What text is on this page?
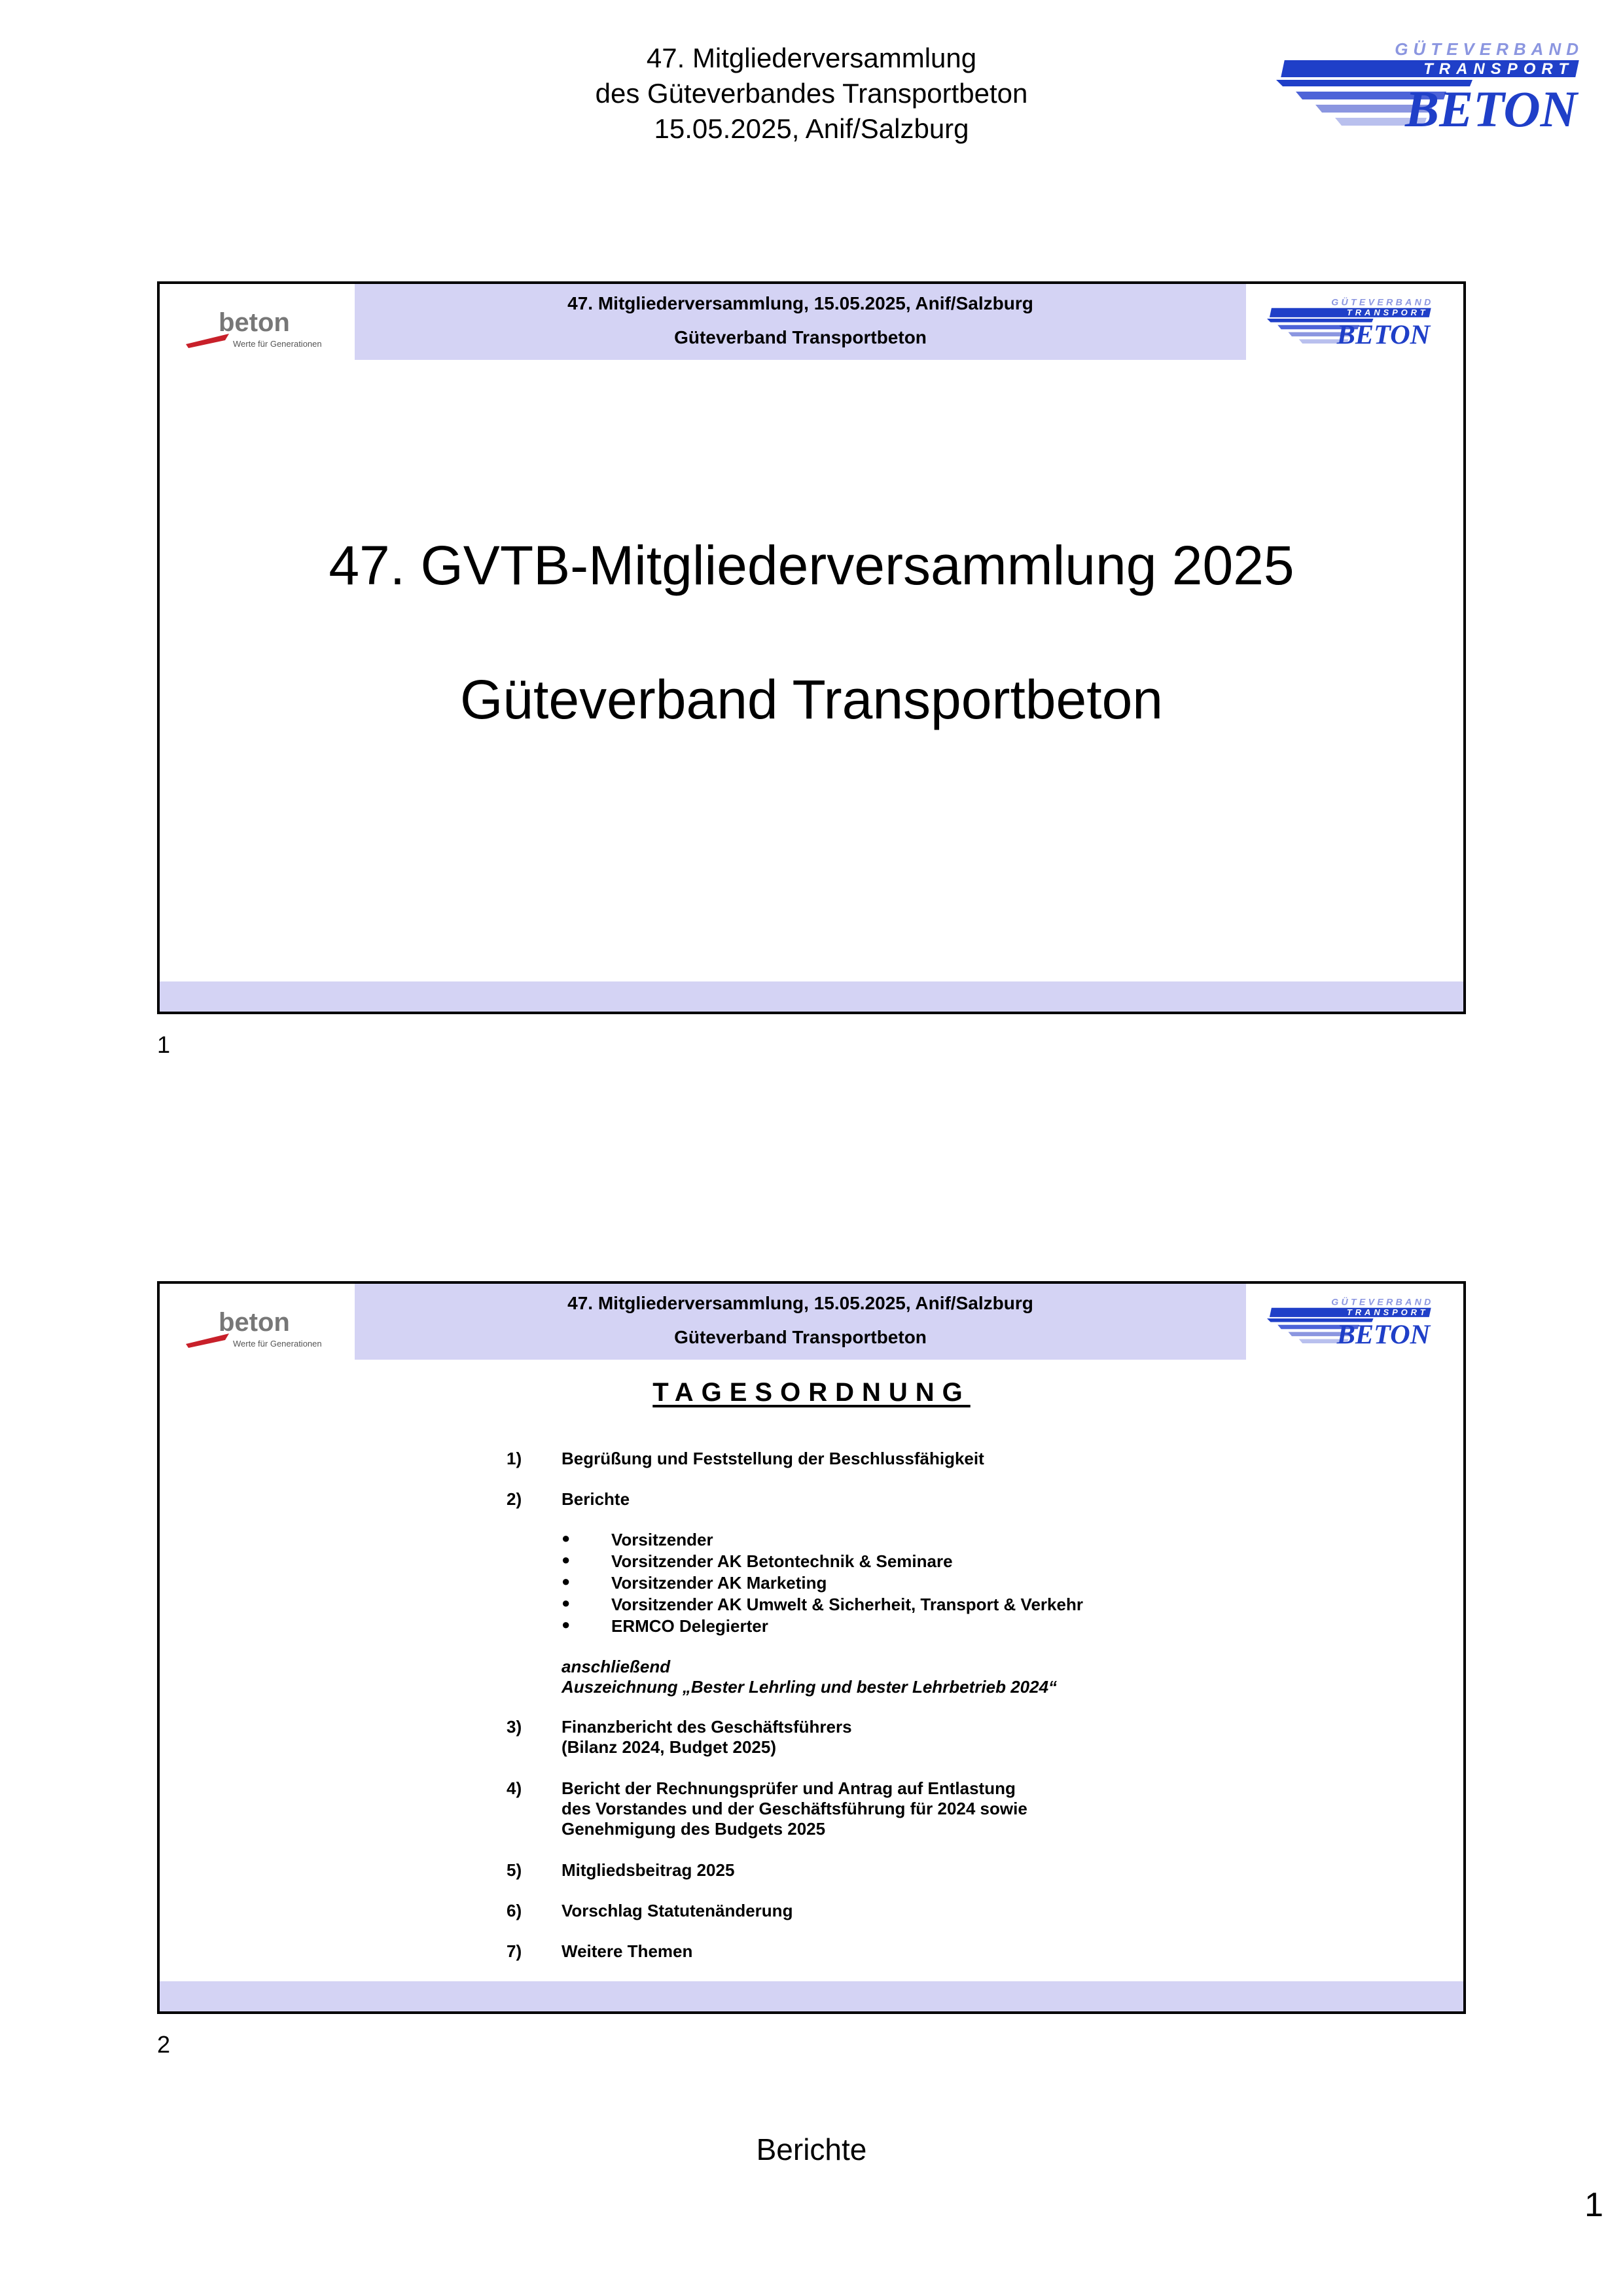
47. Mitgliederversammlung
des Güteverbandes Transportbeton
15.05.2025, Anif/Salzburg
GÜTEVERBAND
TRANSPORT
BETON
beton
Werte für Generationen
47. Mitgliederversammlung, 15.05.2025, Anif/Salzburg
Güteverband Transportbeton
GÜTEVERBAND
TRANSPORT
BETON
47. GVTB-Mitgliederversammlung 2025
Güteverband Transportbeton
1
beton
Werte für Generationen
47. Mitgliederversammlung, 15.05.2025, Anif/Salzburg
Güteverband Transportbeton
GÜTEVERBAND
TRANSPORT
BETON
TAGESORDNUNG
1) Begrüßung und Feststellung der Beschlussfähigkeit
2) Berichte
● Vorsitzender
● Vorsitzender AK Betontechnik & Seminare
● Vorsitzender AK Marketing
● Vorsitzender AK Umwelt & Sicherheit, Transport & Verkehr
● ERMCO Delegierter
anschließend
Auszeichnung „Bester Lehrling und bester Lehrbetrieb 2024“
3) Finanzbericht des Geschäftsführers
(Bilanz 2024, Budget 2025)
4) Bericht der Rechnungsprüfer und Antrag auf Entlastung
des Vorstandes und der Geschäftsführung für 2024 sowie
Genehmigung des Budgets 2025
5) Mitgliedsbeitrag 2025
6) Vorschlag Statutenänderung
7) Weitere Themen
2
Berichte
1
